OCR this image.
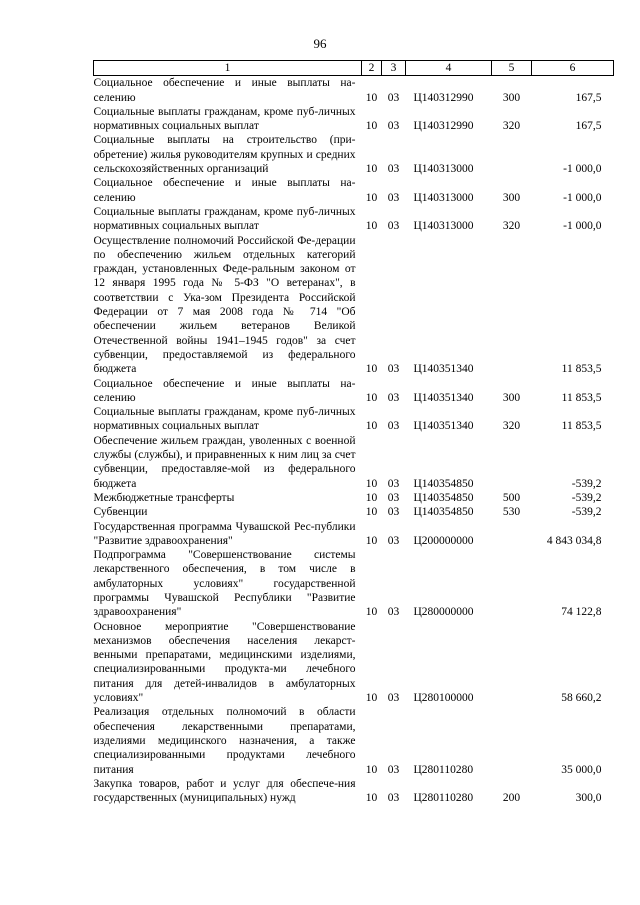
96
1	2	3	4	5	6
Социальное обеспечение и иные выплаты на-селению	10	03	Ц140312990	300	167,5
Социальные выплаты гражданам, кроме пуб-личных нормативных социальных выплат	10	03	Ц140312990	320	167,5
Социальные выплаты на строительство (при-обретение) жилья руководителям крупных и средних сельскохозяйственных организаций	10	03	Ц140313000		-1 000,0
Социальное обеспечение и иные выплаты на-селению	10	03	Ц140313000	300	-1 000,0
Социальные выплаты гражданам, кроме пуб-личных нормативных социальных выплат	10	03	Ц140313000	320	-1 000,0
Осуществление полномочий Российской Фе-дерации по обеспечению жильем отдельных категорий граждан, установленных Феде-ральным законом от 12 января 1995 года № 5-ФЗ "О ветеранах", в соответствии с Ука-зом Президента Российской Федерации от 7 мая 2008 года № 714 "Об обеспечении жильем ветеранов Великой Отечественной войны 1941–1945 годов" за счет субвенции, предоставляемой из федерального бюджета	10	03	Ц140351340		11 853,5
Социальное обеспечение и иные выплаты на-селению	10	03	Ц140351340	300	11 853,5
Социальные выплаты гражданам, кроме пуб-личных нормативных социальных выплат	10	03	Ц140351340	320	11 853,5
Обеспечение жильем граждан, уволенных с военной службы (службы), и приравненных к ним лиц за счет субвенции, предоставляе-мой из федерального бюджета	10	03	Ц140354850		-539,2
Межбюджетные трансферты	10	03	Ц140354850	500	-539,2
Субвенции	10	03	Ц140354850	530	-539,2
Государственная программа Чувашской Рес-публики "Развитие здравоохранения"	10	03	Ц200000000		4 843 034,8
Подпрограмма "Совершенствование системы лекарственного обеспечения, в том числе в амбулаторных условиях" государственной программы Чувашской Республики "Развитие здравоохранения"	10	03	Ц280000000		74 122,8
Основное мероприятие "Совершенствование механизмов обеспечения населения лекарст-венными препаратами, медицинскими изделиями, специализированными продукта-ми лечебного питания для детей-инвалидов в амбулаторных условиях"	10	03	Ц280100000		58 660,2
Реализация отдельных полномочий в области обеспечения лекарственными препаратами, изделиями медицинского назначения, а также специализированными продуктами лечебного питания	10	03	Ц280110280		35 000,0
Закупка товаров, работ и услуг для обеспече-ния государственных (муниципальных) нужд	10	03	Ц280110280	200	300,0
